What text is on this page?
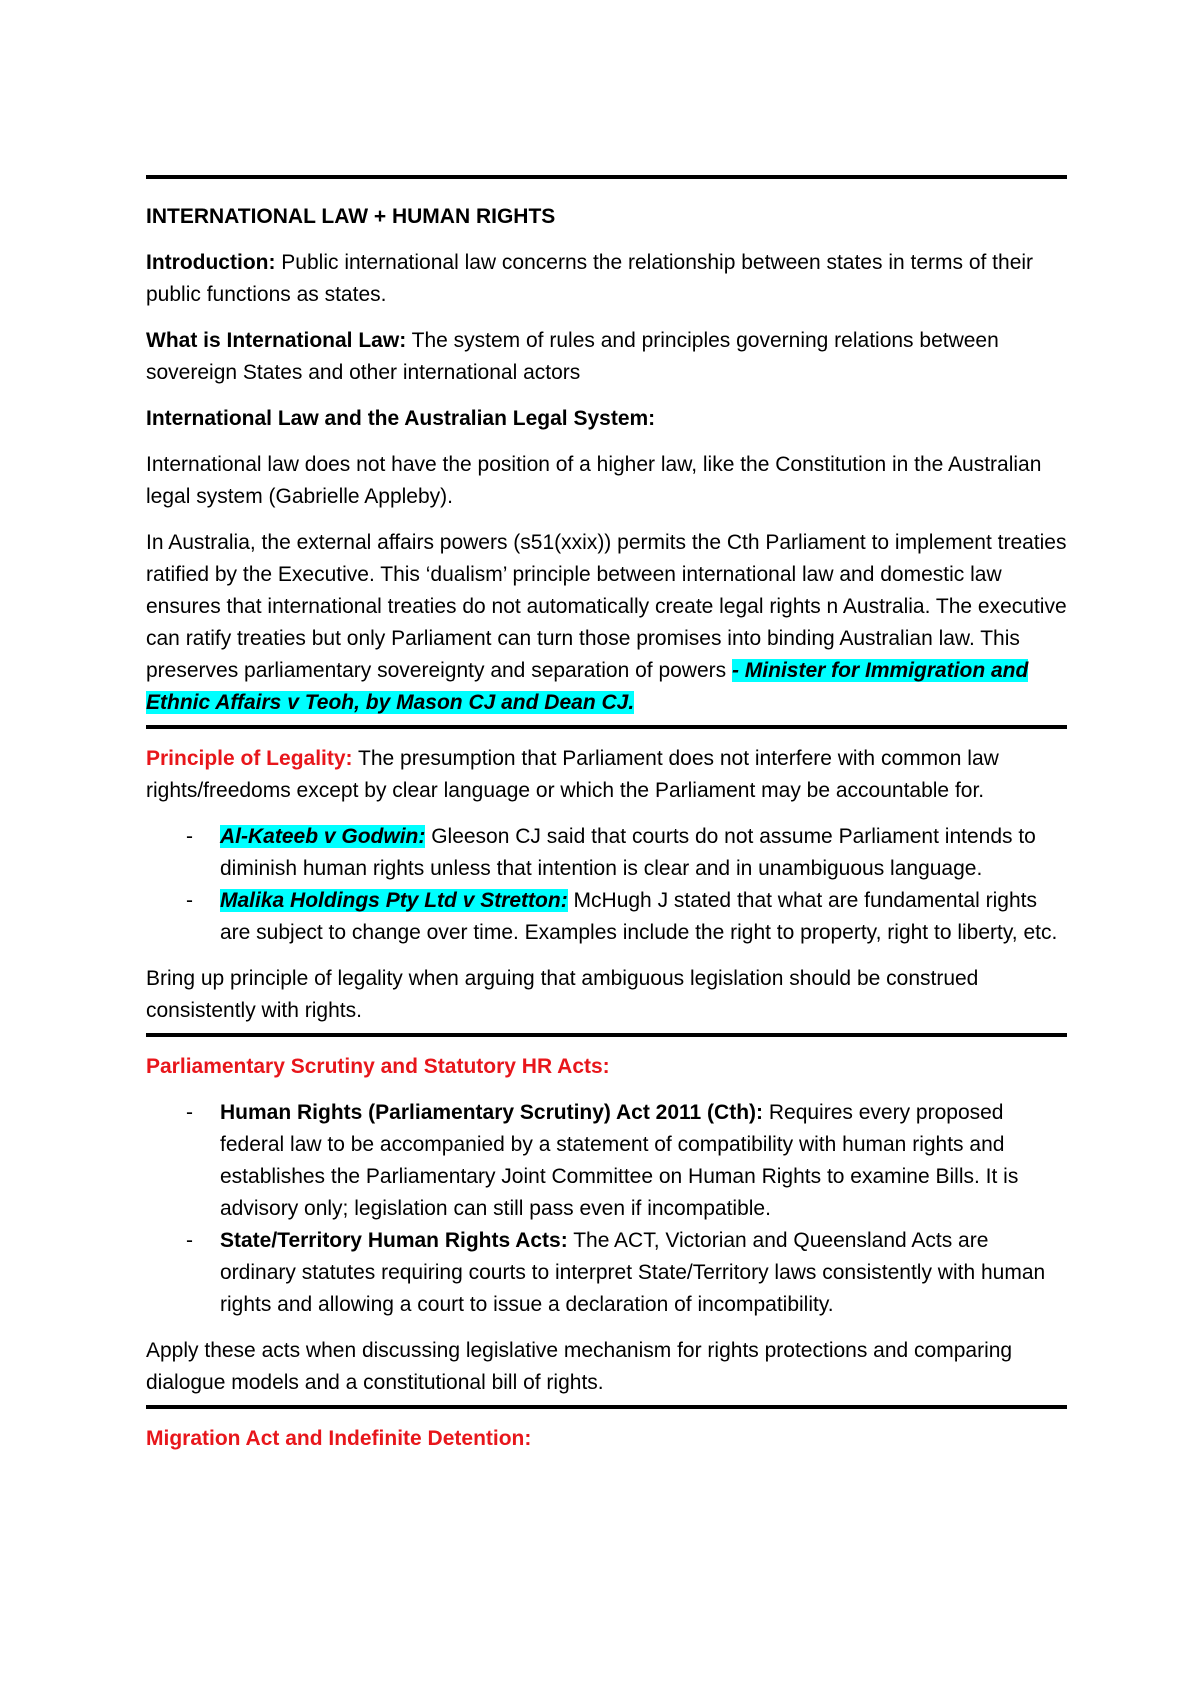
INTERNATIONAL LAW + HUMAN RIGHTS

Introduction: Public international law concerns the relationship between states in terms of their public functions as states.

What is International Law: The system of rules and principles governing relations between sovereign States and other international actors

International Law and the Australian Legal System:

International law does not have the position of a higher law, like the Constitution in the Australian legal system (Gabrielle Appleby).

In Australia, the external affairs powers (s51(xxix)) permits the Cth Parliament to implement treaties ratified by the Executive. This ‘dualism’ principle between international law and domestic law ensures that international treaties do not automatically create legal rights n Australia. The executive can ratify treaties but only Parliament can turn those promises into binding Australian law. This preserves parliamentary sovereignty and separation of powers - Minister for Immigration and Ethnic Affairs v Teoh, by Mason CJ and Dean CJ.

Principle of Legality: The presumption that Parliament does not interfere with common law rights/freedoms except by clear language or which the Parliament may be accountable for.

- Al-Kateeb v Godwin: Gleeson CJ said that courts do not assume Parliament intends to diminish human rights unless that intention is clear and in unambiguous language.
- Malika Holdings Pty Ltd v Stretton: McHugh J stated that what are fundamental rights are subject to change over time. Examples include the right to property, right to liberty, etc.

Bring up principle of legality when arguing that ambiguous legislation should be construed consistently with rights.

Parliamentary Scrutiny and Statutory HR Acts:

- Human Rights (Parliamentary Scrutiny) Act 2011 (Cth): Requires every proposed federal law to be accompanied by a statement of compatibility with human rights and establishes the Parliamentary Joint Committee on Human Rights to examine Bills. It is advisory only; legislation can still pass even if incompatible.
- State/Territory Human Rights Acts: The ACT, Victorian and Queensland Acts are ordinary statutes requiring courts to interpret State/Territory laws consistently with human rights and allowing a court to issue a declaration of incompatibility.

Apply these acts when discussing legislative mechanism for rights protections and comparing dialogue models and a constitutional bill of rights.

Migration Act and Indefinite Detention:
